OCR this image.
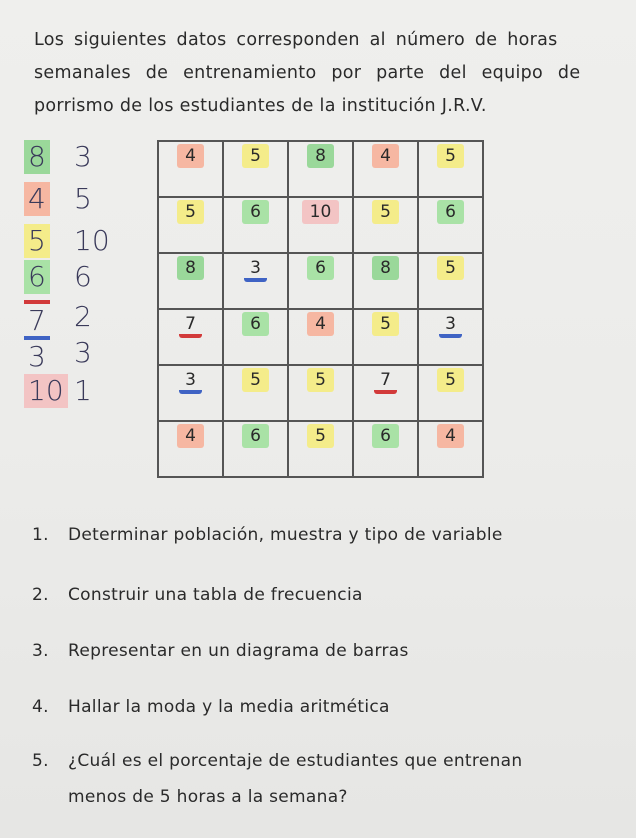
Los siguientes datos corresponden al número de horas
semanales de entrenamiento por parte del equipo de
porrismo de los estudiantes de la institución J.R.V.
8 3
4 5
5 10
6 6
7 2
3 3
10 1
4	5	8	4	5
5	6	10	5	6
8	3	6	8	5
7	6	4	5	3
3	5	5	7	5
4	6	5	6	4
1. Determinar población, muestra y tipo de variable
2. Construir una tabla de frecuencia
3. Representar en un diagrama de barras
4. Hallar la moda y la media aritmética
5. ¿Cuál es el porcentaje de estudiantes que entrenan
menos de 5 horas a la semana?
